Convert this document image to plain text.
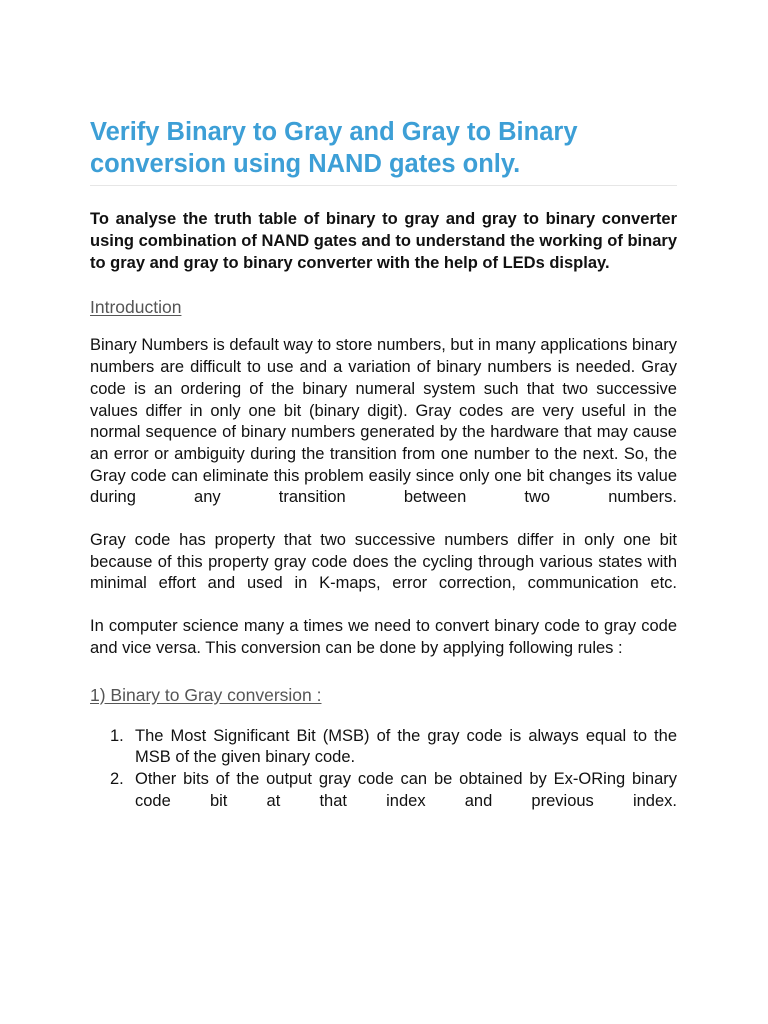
Verify Binary to Gray and Gray to Binary conversion using NAND gates only.

To analyse the truth table of binary to gray and gray to binary converter using combination of NAND gates and to understand the working of binary to gray and gray to binary converter with the help of LEDs display.

Introduction

Binary Numbers is default way to store numbers, but in many applications binary numbers are difficult to use and a variation of binary numbers is needed. Gray code is an ordering of the binary numeral system such that two successive values differ in only one bit (binary digit). Gray codes are very useful in the normal sequence of binary numbers generated by the hardware that may cause an error or ambiguity during the transition from one number to the next. So, the Gray code can eliminate this problem easily since only one bit changes its value during any transition between two numbers.

Gray code has property that two successive numbers differ in only one bit because of this property gray code does the cycling through various states with minimal effort and used in K-maps, error correction, communication etc.

In computer science many a times we need to convert binary code to gray code and vice versa. This conversion can be done by applying following rules :

1) Binary to Gray conversion :

1. The Most Significant Bit (MSB) of the gray code is always equal to the MSB of the given binary code.
2. Other bits of the output gray code can be obtained by Ex-ORing binary code bit at that index and previous index.
